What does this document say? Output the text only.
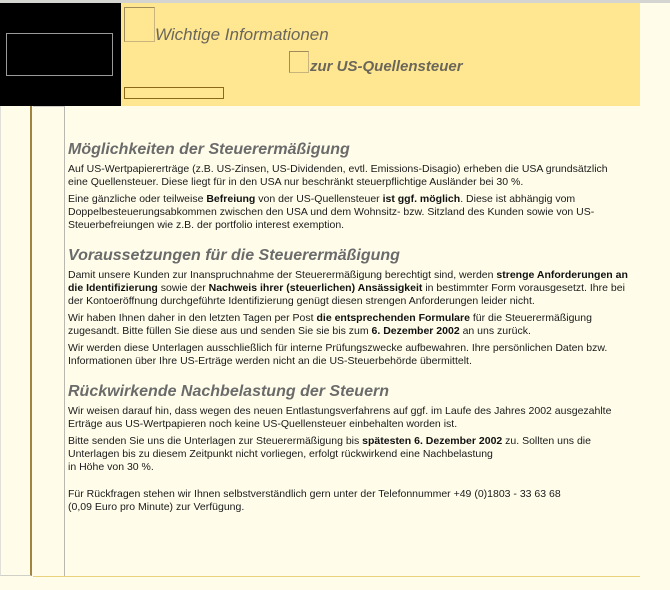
Wichtige Informationen
zur US-Quellensteuer
Möglichkeiten der Steuerermäßigung

Auf US-Wertpapiererträge (z.B. US-Zinsen, US-Dividenden, evtl. Emissions-Disagio) erheben die USA grundsätzlich eine Quellensteuer. Diese liegt für in den USA nur beschränkt steuerpflichtige Ausländer bei 30 %.

Eine gänzliche oder teilweise Befreiung von der US-Quellensteuer ist ggf. möglich. Diese ist abhängig vom Doppelbesteuerungsabkommen zwischen den USA und dem Wohnsitz- bzw. Sitzland des Kunden sowie von US-Steuerbefreiungen wie z.B. der portfolio interest exemption.

Voraussetzungen für die Steuerermäßigung

Damit unsere Kunden zur Inanspruchnahme der Steuerermäßigung berechtigt sind, werden strenge Anforderungen an die Identifizierung sowie der Nachweis ihrer (steuerlichen) Ansässigkeit in bestimmter Form vorausgesetzt. Ihre bei der Kontoeröffnung durchgeführte Identifizierung genügt diesen strengen Anforderungen leider nicht.

Wir haben Ihnen daher in den letzten Tagen per Post die entsprechenden Formulare für die Steuerermäßigung zugesandt. Bitte füllen Sie diese aus und senden Sie sie bis zum 6. Dezember 2002 an uns zurück.

Wir werden diese Unterlagen ausschließlich für interne Prüfungszwecke aufbewahren. Ihre persönlichen Daten bzw. Informationen über Ihre US-Erträge werden nicht an die US-Steuerbehörde übermittelt.

Rückwirkende Nachbelastung der Steuern

Wir weisen darauf hin, dass wegen des neuen Entlastungsverfahrens auf ggf. im Laufe des Jahres 2002 ausgezahlte Erträge aus US-Wertpapieren noch keine US-Quellensteuer einbehalten worden ist.

Bitte senden Sie uns die Unterlagen zur Steuerermäßigung bis spätesten 6. Dezember 2002 zu. Sollten uns die Unterlagen bis zu diesem Zeitpunkt nicht vorliegen, erfolgt rückwirkend eine Nachbelastung
in Höhe von 30 %.

Für Rückfragen stehen wir Ihnen selbstverständlich gern unter der Telefonnummer +49 (0)1803 - 33 63 68
(0,09 Euro pro Minute) zur Verfügung.
